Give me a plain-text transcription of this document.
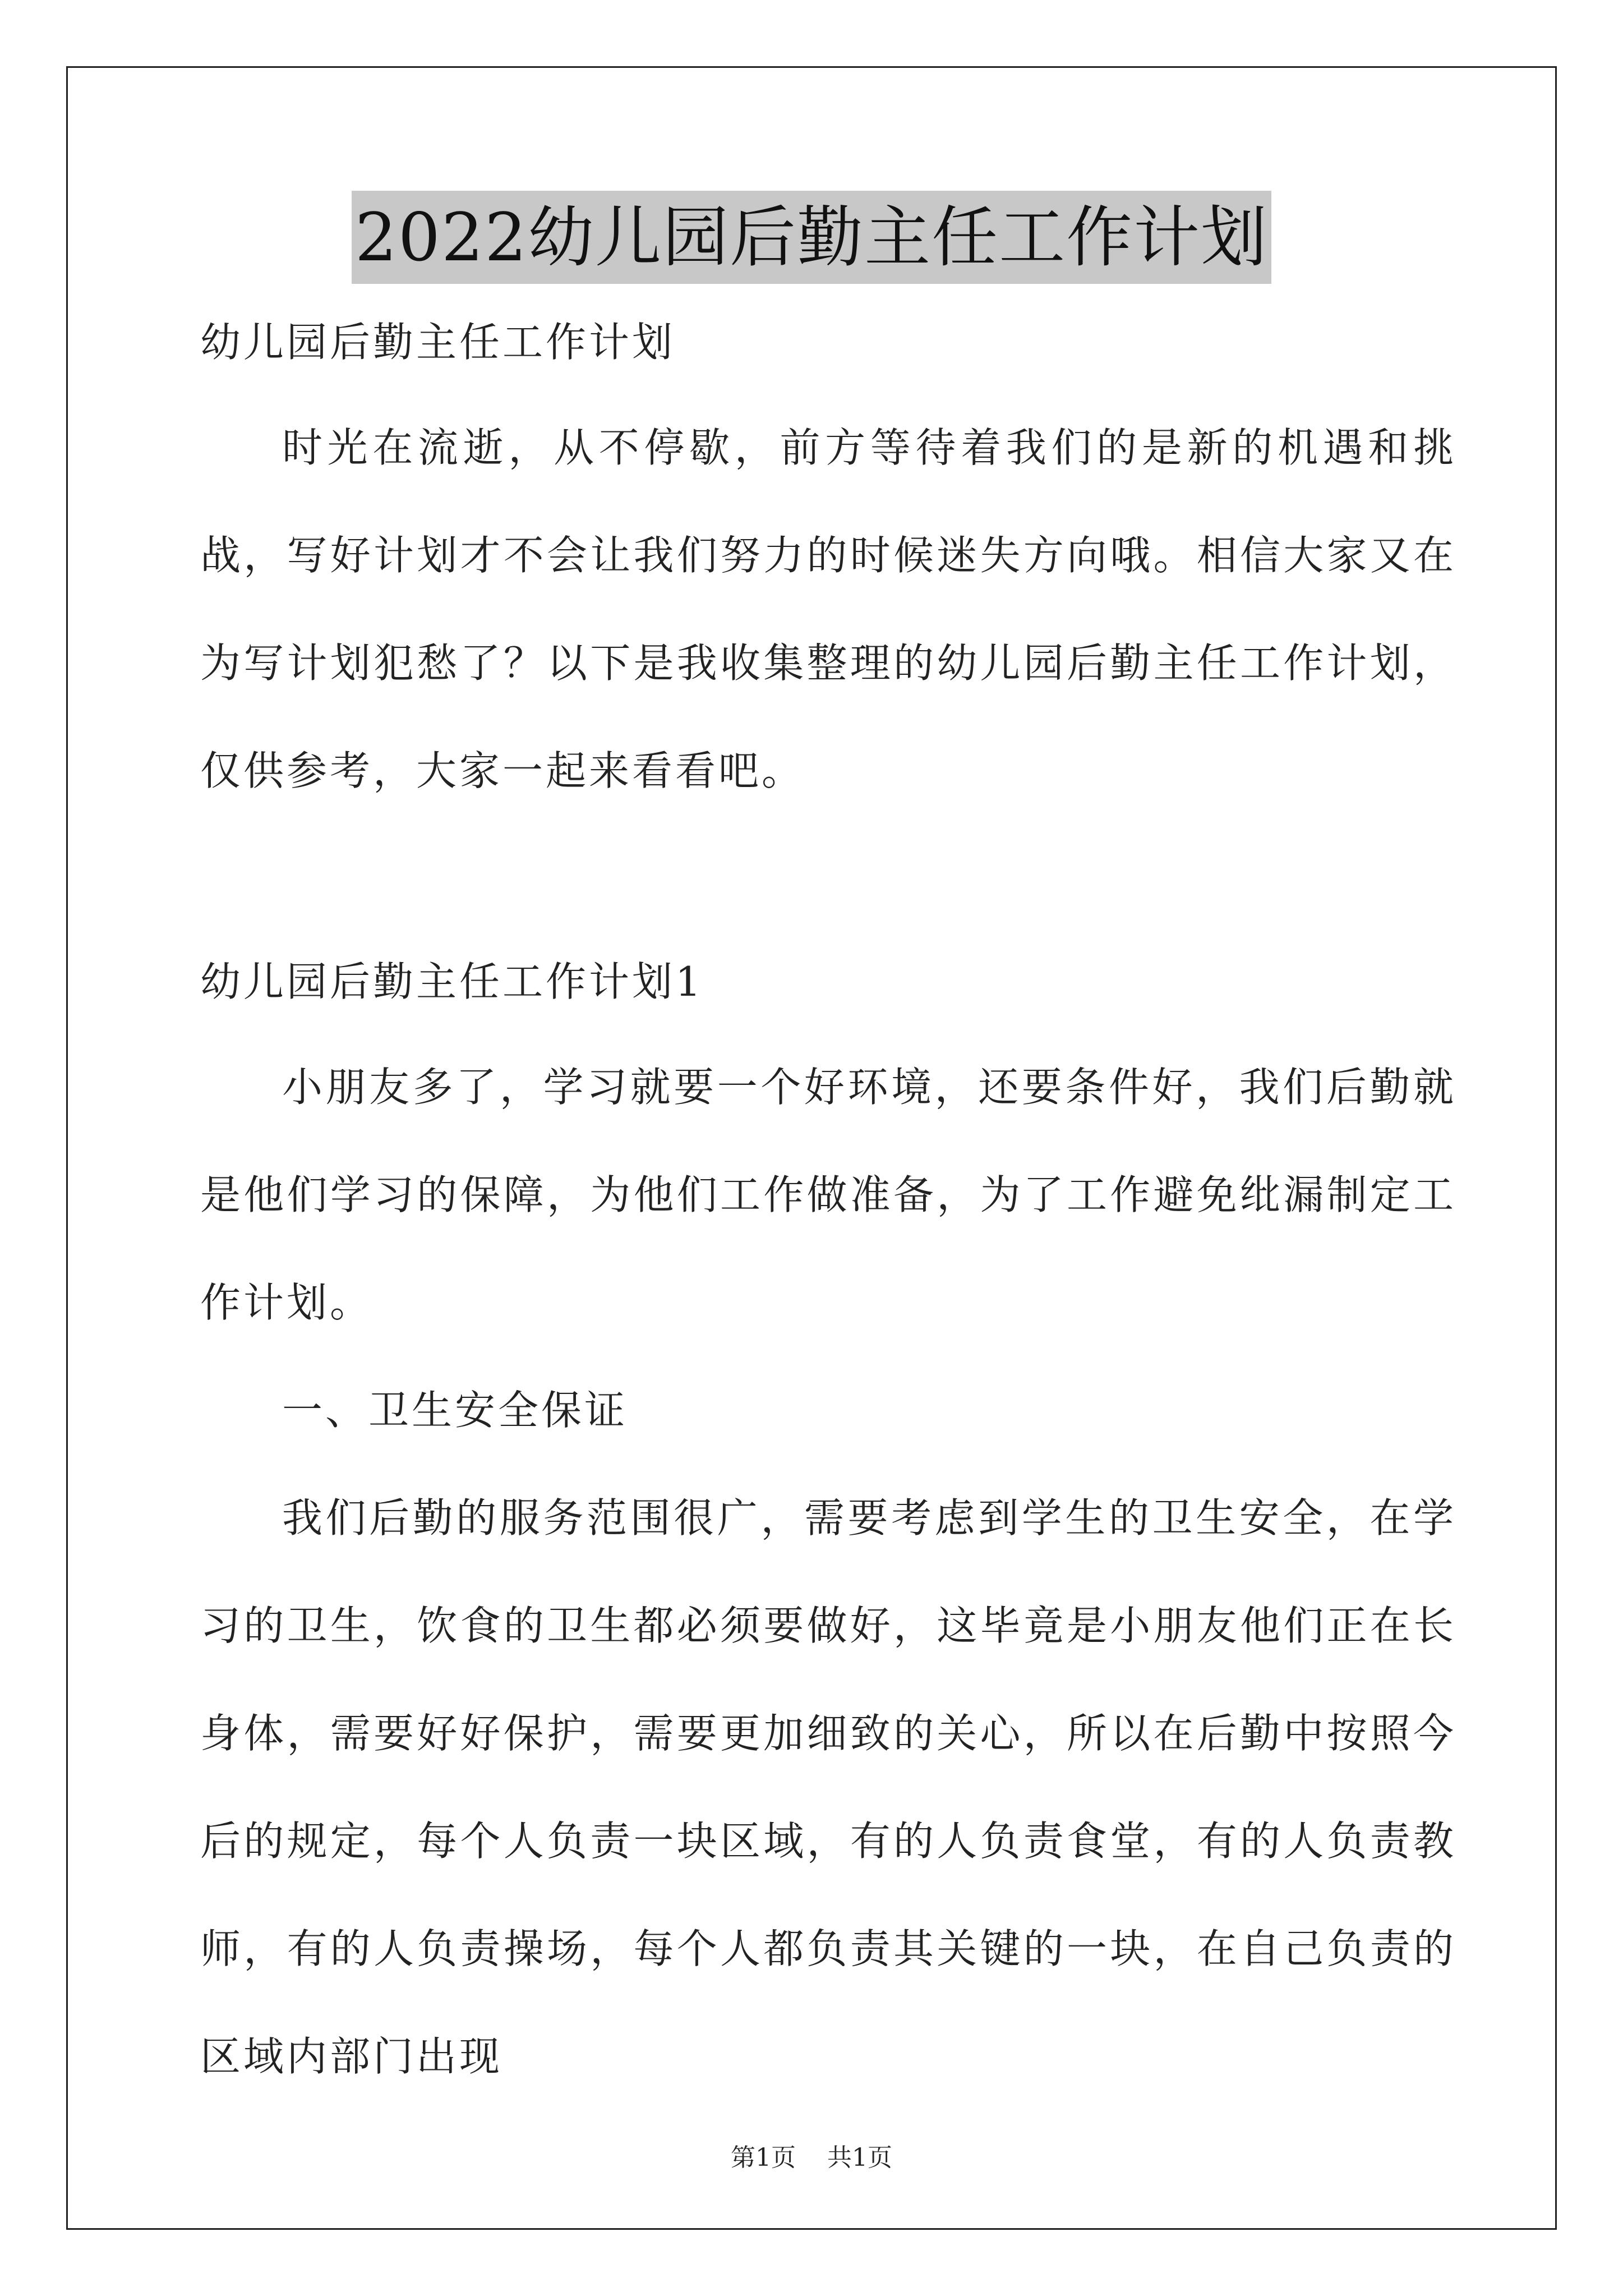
2022幼儿园后勤主任工作计划

幼儿园后勤主任工作计划

时光在流逝，从不停歇，前方等待着我们的是新的机遇和挑战，写好计划才不会让我们努力的时候迷失方向哦。相信大家又在为写计划犯愁了？以下是我收集整理的幼儿园后勤主任工作计划，仅供参考，大家一起来看看吧。

幼儿园后勤主任工作计划1

小朋友多了，学习就要一个好环境，还要条件好，我们后勤就是他们学习的保障，为他们工作做准备，为了工作避免纰漏制定工作计划。

一、卫生安全保证

我们后勤的服务范围很广，需要考虑到学生的卫生安全，在学习的卫生，饮食的卫生都必须要做好，这毕竟是小朋友他们正在长身体，需要好好保护，需要更加细致的关心，所以在后勤中按照今后的规定，每个人负责一块区域，有的人负责食堂，有的人负责教师，有的人负责操场，每个人都负责其关键的一块，在自己负责的区域内部门出现

第1页 共1页
